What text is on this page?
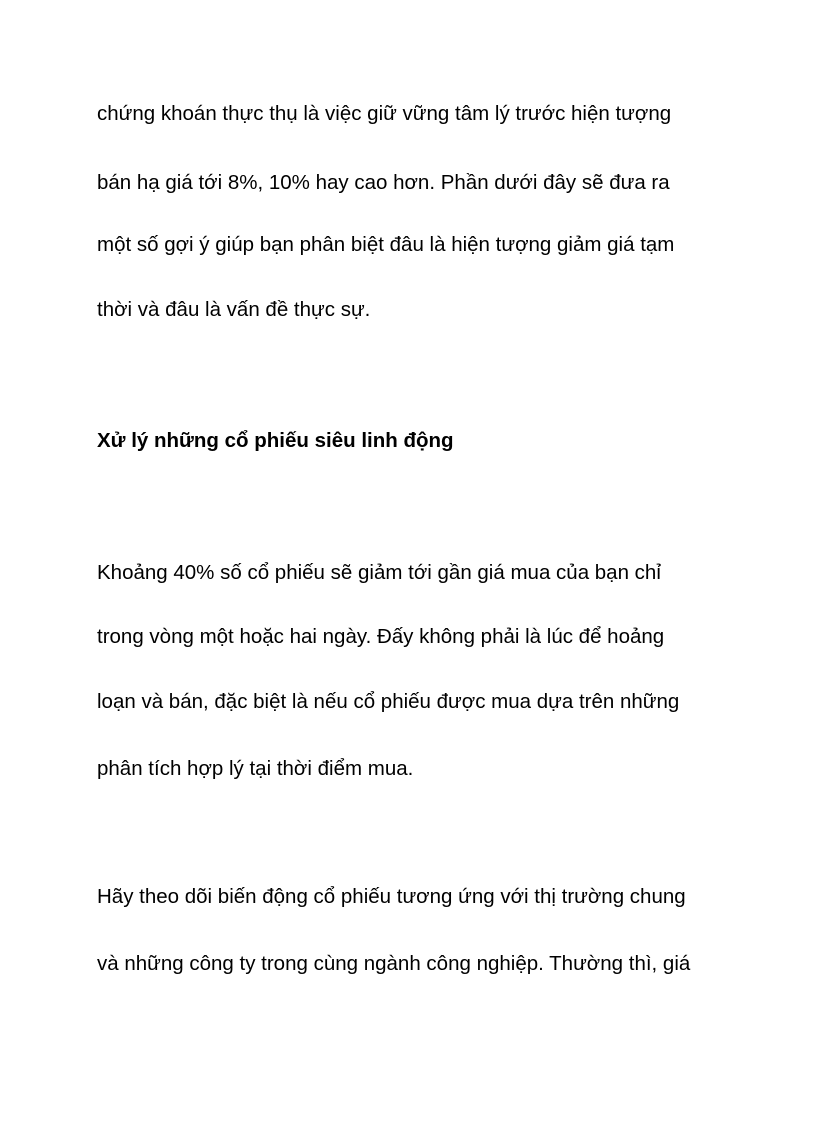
chứng khoán thực thụ là việc giữ vững tâm lý trước hiện tượng
bán hạ giá tới 8%, 10% hay cao hơn. Phần dưới đây sẽ đưa ra
một số gợi ý giúp bạn phân biệt đâu là hiện tượng giảm giá tạm
thời và đâu là vấn đề thực sự.
Xử lý những cổ phiếu siêu linh động
Khoảng 40% số cổ phiếu sẽ giảm tới gần giá mua của bạn chỉ
trong vòng một hoặc hai ngày. Đấy không phải là lúc để hoảng
loạn và bán, đặc biệt là nếu cổ phiếu được mua dựa trên những
phân tích hợp lý tại thời điểm mua.
Hãy theo dõi biến động cổ phiếu tương ứng với thị trường chung
và những công ty trong cùng ngành công nghiệp. Thường thì, giá
